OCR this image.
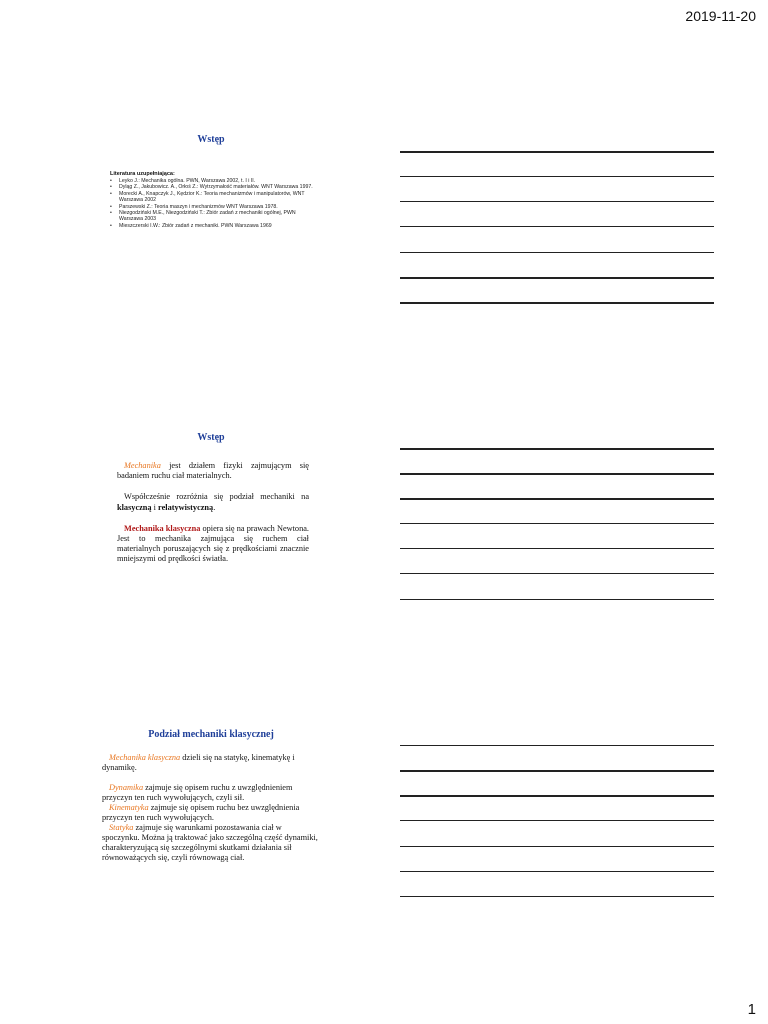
2019-11-20
Wstęp
Literatura uzupełniająca:
• Leyko J.: Mechanika ogólna. PWN, Warszawa 2002, t. I i II.
• Dyląg Z., Jakubowicz. A., Orłoś Z.: Wytrzymałość materiałów. WNT Warszawa 1997.
• Morecki A., Knapczyk J., Kędzior K.: Teoria mechanizmów i manipulatorów, WNT Warszawa 2002
• Parszewski Z.: Teoria maszyn i mechanizmów WNT Warszawa 1978.
• Niezgodziński M.E., Niezgodziński T.: Zbiór zadań z mechaniki ogólnej, PWN Warszawa 2003
• Mieszczerski I.W.: Zbiór zadań z mechaniki. PWN Warszawa 1969
Wstęp
Mechanika jest działem fizyki zajmującym się badaniem ruchu ciał materialnych.
Współcześnie rozróżnia się podział mechaniki na klasyczną i relatywistyczną.
Mechanika klasyczna opiera się na prawach Newtona. Jest to mechanika zajmująca się ruchem ciał materialnych poruszających się z prędkościami znacznie mniejszymi od prędkości światła.
Podział mechaniki klasycznej
Mechanika klasyczna dzieli się na statykę, kinematykę i dynamikę.
Dynamika zajmuje się opisem ruchu z uwzględnieniem przyczyn ten ruch wywołujących, czyli sił.
Kinematyka zajmuje się opisem ruchu bez uwzględnienia przyczyn ten ruch wywołujących.
Statyka zajmuje się warunkami pozostawania ciał w spoczynku. Można ją traktować jako szczególną część dynamiki, charakteryzującą się szczególnymi skutkami działania sił równoważących się, czyli równowagą ciał.
1
